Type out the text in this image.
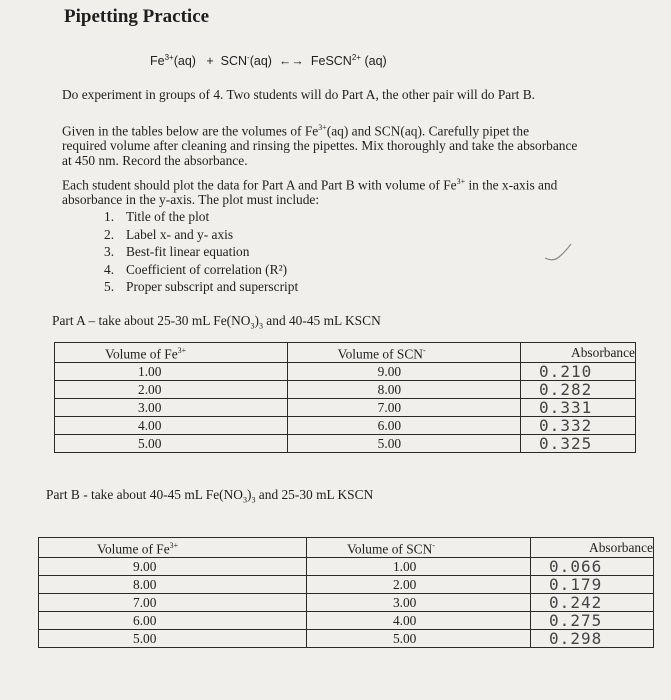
Pipetting Practice
$Fe^{3+}(aq) + SCN^-(aq)$ ←→ FeSCN$^{2+}$ (aq)
Do experiment in groups of 4. Two students will do Part A, the other pair will do Part B.
Given in the tables below are the volumes of $Fe^{3+}(aq)$ and SCN(aq). Carefully pipet the
required volume after cleaning and rinsing the pipettes. Mix thoroughly and take the absorbance
at 450 nm. Record the absorbance.
Each student should plot the data for Part A and Part B with volume of $Fe^{3+}$ in the x-axis and
absorbance in the y-axis. The plot must include:
1. Title of the plot
2. Label x- and y- axis
3. Best-fit linear equation
4. Coefficient of correlation (R²)
5. Proper subscript and superscript
Part A – take about 25-30 mL $Fe(NO_3)_3$ and 40-45 mL KSCN
Volume of $Fe^{3+}$	Volume of SCN-	Absorbance
1.00	9.00	0.210
2.00	8.00	0.282
3.00	7.00	0.331
4.00	6.00	0.332
5.00	5.00	0.325
Part B - take about 40-45 mL $Fe(NO_3)_3$ and 25-30 mL KSCN
Volume of $Fe^{3+}$	Volume of SCN-	Absorbance
9.00	1.00	0.066
8.00	2.00	0.179
7.00	3.00	0.242
6.00	4.00	0.275
5.00	5.00	0.298
